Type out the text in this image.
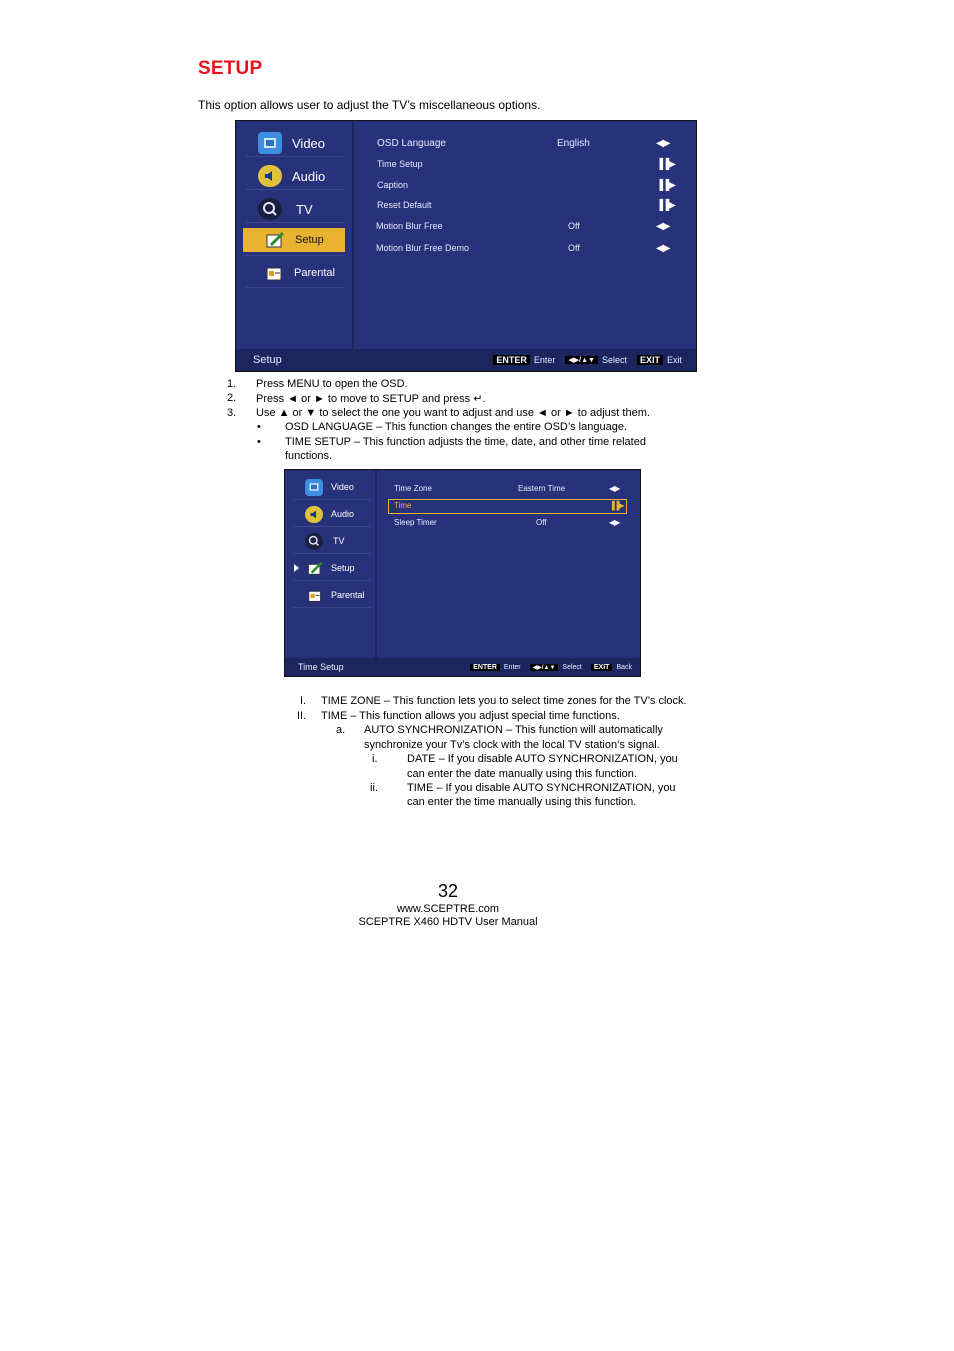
SETUP
This option allows user to adjust the TV’s miscellaneous options.
Video
Audio
TV
Setup
Parental
OSD Language	English	◀▶
Time Setup	▐▐▶
Caption	▐▐▶
Reset Default	▐▐▶
Motion Blur Free	Off	◀▶
Motion Blur Free Demo	Off	◀▶
Setup	ENTER Enter	◀▶/▲▼ Select	EXIT Exit
1. Press MENU to open the OSD.
2. Press ◄ or ► to move to SETUP and press ↵.
3. Use ▲ or ▼ to select the one you want to adjust and use ◄ or ► to adjust them.
• OSD LANGUAGE – This function changes the entire OSD’s language.
• TIME SETUP – This function adjusts the time, date, and other time related
functions.
Video
Audio
TV
Setup
Parental
Time Zone	Eastern Time	◀▶
Time	▐▐▶
Sleep Timer	Off	◀▶
Time Setup	ENTER	Enter	◀▶/▲▼	Select	EXIT	Back
I. TIME ZONE – This function lets you to select time zones for the TV’s clock.
II. TIME – This function allows you adjust special time functions.
a. AUTO SYNCHRONIZATION – This function will automatically
synchronize your Tv’s clock with the local TV station’s signal.
i.	DATE – If you disable AUTO SYNCHRONIZATION, you
can enter the date manually using this function.
ii.	TIME – If you disable AUTO SYNCHRONIZATION, you
can enter the time manually using this function.
32
www.SCEPTRE.com
SCEPTRE X460 HDTV User Manual
